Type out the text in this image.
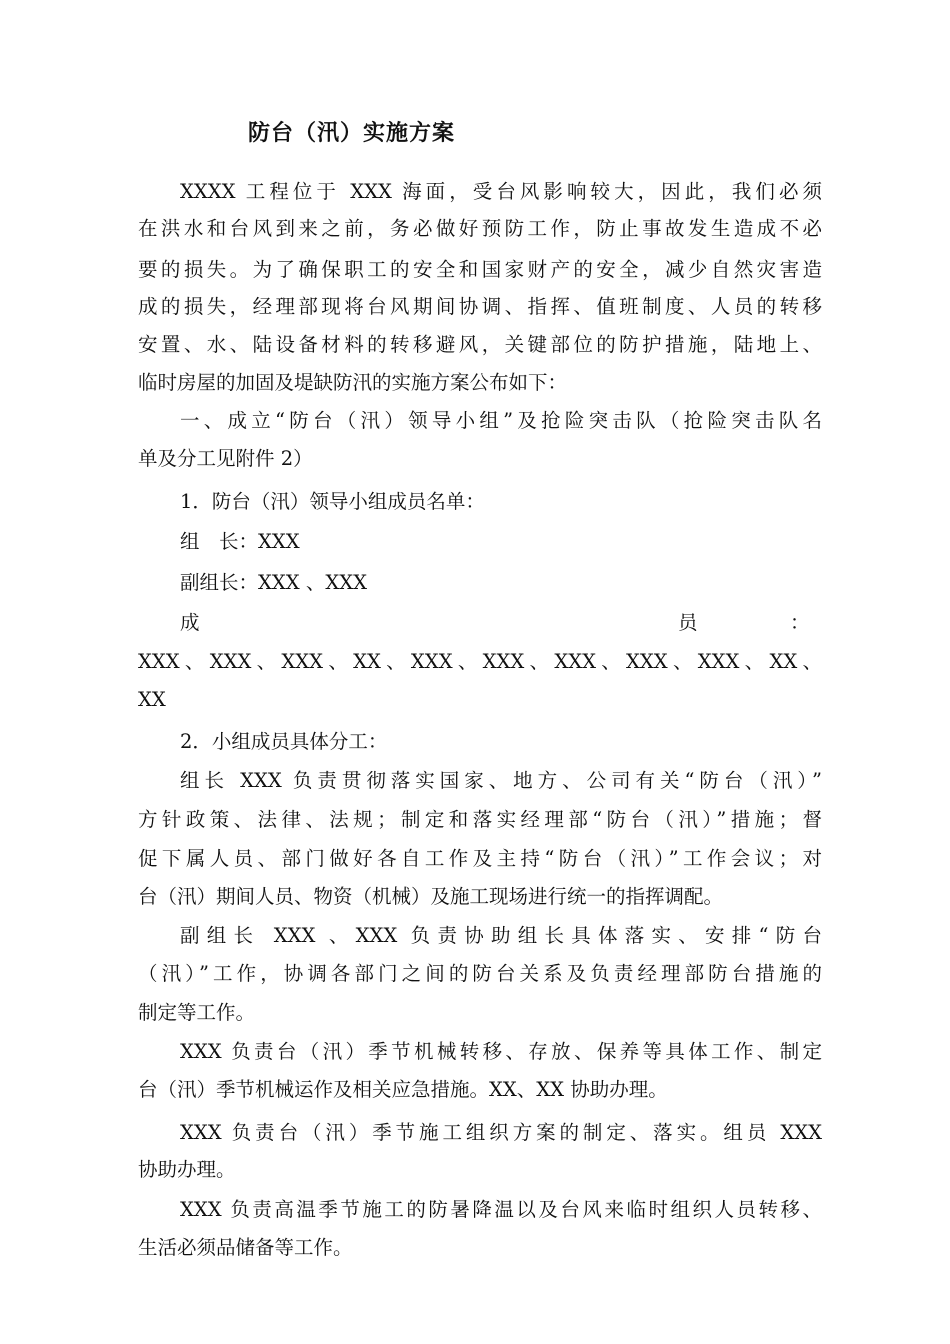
防台（汛）实施方案
XXXX 工程位于 XXX 海面，受台风影响较大，因此，我们必须
在洪水和台风到来之前，务必做好预防工作，防止事故发生造成不必
要的损失。为了确保职工的安全和国家财产的安全，减少自然灾害造
成的损失，经理部现将台风期间协调、指挥、值班制度、人员的转移
安置、水、陆设备材料的转移避风，关键部位的防护措施，陆地上、
临时房屋的加固及堤缺防汛的实施方案公布如下：
一、成立“防台（汛）领导小组”及抢险突击队（抢险突击队名
单及分工见附件 2）
1．防台（汛）领导小组成员名单：
组　长：XXX
副组长：XXX 、XXX
成	员	：
XXX、XXX、XXX、XX、XXX、XXX、XXX、XXX、XXX、XX、
XX
2．小组成员具体分工：
组长 XXX 负责贯彻落实国家、地方、公司有关“防台（汛）”
方针政策、法律、法规；制定和落实经理部“防台（汛）”措施；督
促下属人员、部门做好各自工作及主持“防台（汛）”工作会议；对
台（汛）期间人员、物资（机械）及施工现场进行统一的指挥调配。
副组长 XXX 、XXX 负责协助组长具体落实、安排“防台
（汛）”工作，协调各部门之间的防台关系及负责经理部防台措施的
制定等工作。
XXX 负责台（汛）季节机械转移、存放、保养等具体工作、制定
台（汛）季节机械运作及相关应急措施。XX、XX 协助办理。
XXX 负责台（汛）季节施工组织方案的制定、落实。组员 XXX
协助办理。
XXX 负责高温季节施工的防暑降温以及台风来临时组织人员转移、
生活必须品储备等工作。
